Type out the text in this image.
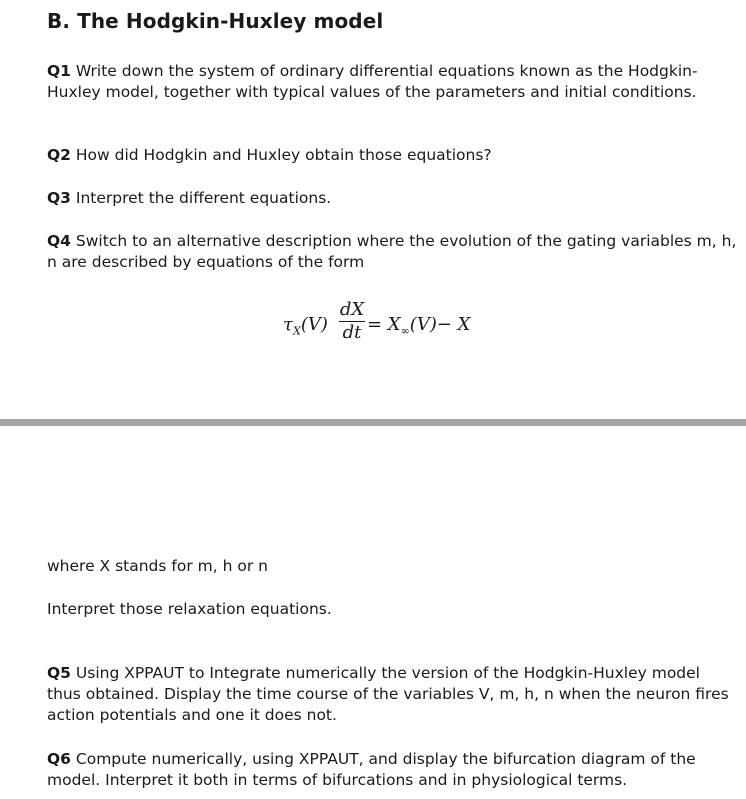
B. The Hodgkin-Huxley model
Q1 Write down the system of ordinary differential equations known as the Hodgkin-Huxley model, together with typical values of the parameters and initial conditions.
Q2 How did Hodgkin and Huxley obtain those equations?
Q3 Interpret the different equations.
Q4 Switch to an alternative description where the evolution of the gating variables m, h, n are described by equations of the form
$\tau_X(V)$
dX
dt = $X_\infty(V)- X$
where X stands for m, h or n
Interpret those relaxation equations.
Q5 Using XPPAUT to Integrate numerically the version of the Hodgkin-Huxley model thus obtained. Display the time course of the variables V, m, h, n when the neuron fires action potentials and one it does not.
Q6 Compute numerically, using XPPAUT, and display the bifurcation diagram of the model. Interpret it both in terms of bifurcations and in physiological terms.
